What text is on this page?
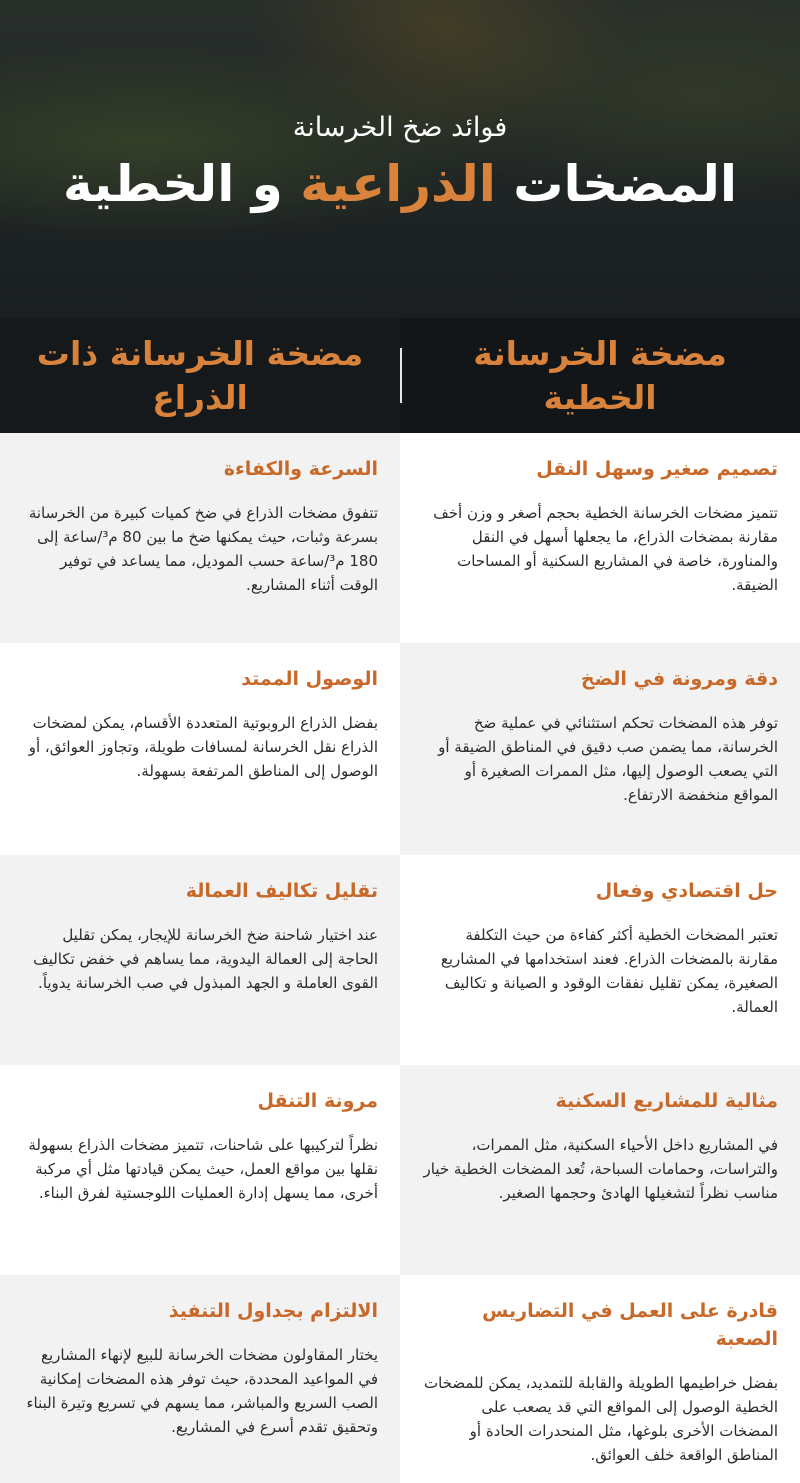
فوائد ضخ الخرسانة
المضخات الذراعية و الخطية
مضخة الخرسانة الخطية
مضخة الخرسانة ذات الذراع
تصميم صغير وسهل النقل
تتميز مضخات الخرسانة الخطية بحجم أصغر و وزن أخف مقارنة بمضخات الذراع، ما يجعلها أسهل في النقل والمناورة، خاصة في المشاريع السكنية أو المساحات الضيقة.
السرعة والكفاءة
تتفوق مضخات الذراع في ضخ كميات كبيرة من الخرسانة بسرعة وثبات، حيث يمكنها ضخ ما بين 80 م³/ساعة إلى 180 م³/ساعة حسب الموديل، مما يساعد في توفير الوقت أثناء المشاريع.
دقة ومرونة في الضخ
توفر هذه المضخات تحكم استثنائي في عملية ضخ الخرسانة، مما يضمن صب دقيق في المناطق الضيقة أو التي يصعب الوصول إليها، مثل الممرات الصغيرة أو المواقع منخفضة الارتفاع.
الوصول الممتد
بفضل الذراع الروبوتية المتعددة الأقسام، يمكن لمضخات الذراع نقل الخرسانة لمسافات طويلة، وتجاوز العوائق، أو الوصول إلى المناطق المرتفعة بسهولة.
حل اقتصادي وفعال
تعتبر المضخات الخطية أكثر كفاءة من حيث التكلفة مقارنة بالمضخات الذراع. فعند استخدامها في المشاريع الصغيرة، يمكن تقليل نفقات الوقود و الصيانة و تكاليف العمالة.
تقليل تكاليف العمالة
عند اختيار شاحنة ضخ الخرسانة للإيجار، يمكن تقليل الحاجة إلى العمالة اليدوية، مما يساهم في خفض تكاليف القوى العاملة و الجهد المبذول في صب الخرسانة يدوياً.
مثالية للمشاريع السكنية
في المشاريع داخل الأحياء السكنية، مثل الممرات، والتراسات، وحمامات السباحة، تُعد المضخات الخطية خيار مناسب نظراً لتشغيلها الهادئ وحجمها الصغير.
مرونة التنقل
نظراً لتركيبها على شاحنات، تتميز مضخات الذراع بسهولة نقلها بين مواقع العمل، حيث يمكن قيادتها مثل أي مركبة أخرى، مما يسهل إدارة العمليات اللوجستية لفرق البناء.
قادرة على العمل في التضاريس الصعبة
بفضل خراطيمها الطويلة والقابلة للتمديد، يمكن للمضخات الخطية الوصول إلى المواقع التي قد يصعب على المضخات الأخرى بلوغها، مثل المنحدرات الحادة أو المناطق الواقعة خلف العوائق.
الالتزام بجداول التنفيذ
يختار المقاولون مضخات الخرسانة للبيع لإنهاء المشاريع في المواعيد المحددة، حيث توفر هذه المضخات إمكانية الصب السريع والمباشر، مما يسهم في تسريع وتيرة البناء وتحقيق تقدم أسرع في المشاريع.
